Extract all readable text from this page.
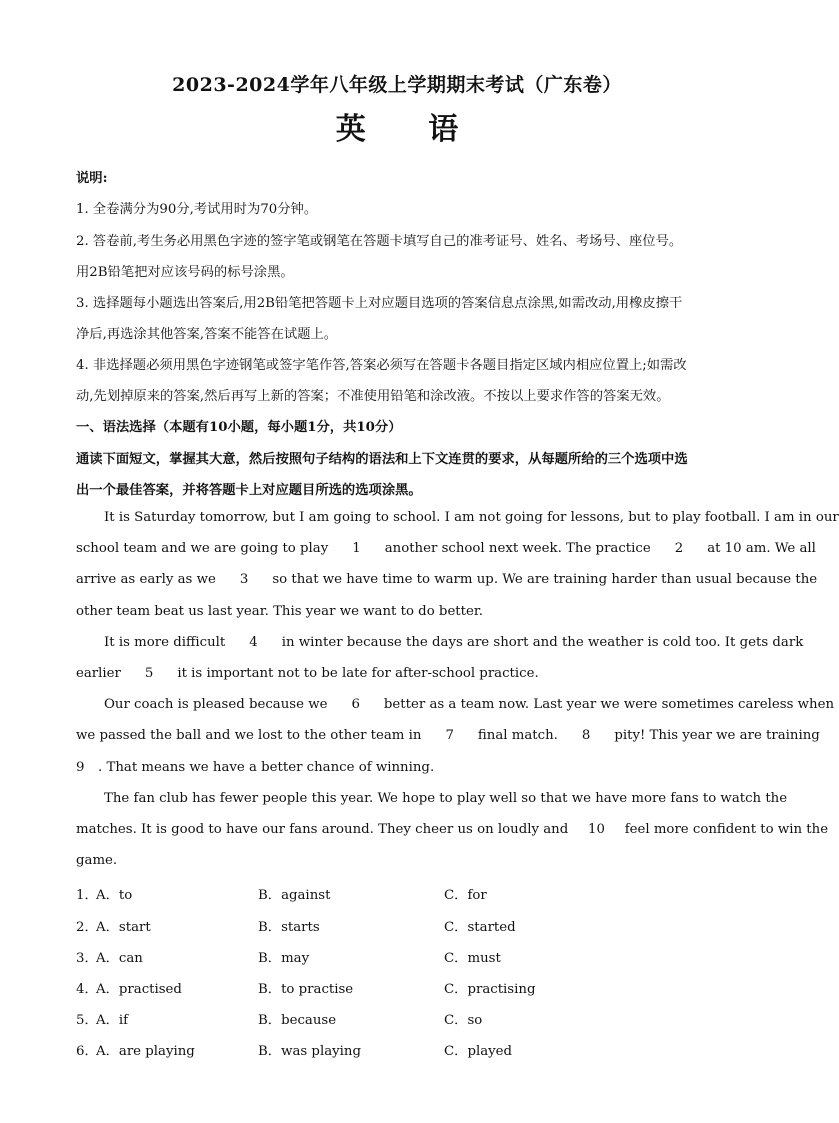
2023-2024学年八年级上学期期末考试（广东卷）
英 语
说明:
1. 全卷满分为90分,考试用时为70分钟。
2. 答卷前,考生务必用黑色字迹的签字笔或钢笔在答题卡填写自己的准考证号、姓名、考场号、座位号。
用2B铅笔把对应该号码的标号涂黑。
3. 选择题每小题选出答案后,用2B铅笔把答题卡上对应题目选项的答案信息点涂黑,如需改动,用橡皮擦干
净后,再选涂其他答案,答案不能答在试题上。
4. 非选择题必须用黑色字迹钢笔或签字笔作答,答案必须写在答题卡各题目指定区域内相应位置上;如需改
动,先划掉原来的答案,然后再写上新的答案；不准使用铅笔和涂改液。不按以上要求作答的答案无效。
一、语法选择（本题有10小题，每小题1分，共10分）
通读下面短文，掌握其大意，然后按照句子结构的语法和上下文连贯的要求，从每题所给的三个选项中选
出一个最佳答案，并将答题卡上对应题目所选的选项涂黑。
It is Saturday tomorrow, but I am going to school. I am not going for lessons, but to play football. I am in our
school team and we are going to play 1 another school next week. The practice 2 at 10 am. We all
arrive as early as we 3 so that we have time to warm up. We are training harder than usual because the
other team beat us last year. This year we want to do better.
It is more difficult 4 in winter because the days are short and the weather is cold too. It gets dark
earlier 5 it is important not to be late for after-school practice.
Our coach is pleased because we 6 better as a team now. Last year we were sometimes careless when
we passed the ball and we lost to the other team in 7 final match. 8 pity! This year we are training
9 . That means we have a better chance of winning.
The fan club has fewer people this year. We hope to play well so that we have more fans to watch the
matches. It is good to have our fans around. They cheer us on loudly and 10 feel more confident to win the
game.
1．
A．to	B．against	C．for
2．
A．start	B．starts	C．started
3．
A．can	B．may	C．must
4．
A．practised	B．to practise	C．practising
5．
A．if	B．because	C．so
6．
A．are playing	B．was playing	C．played
